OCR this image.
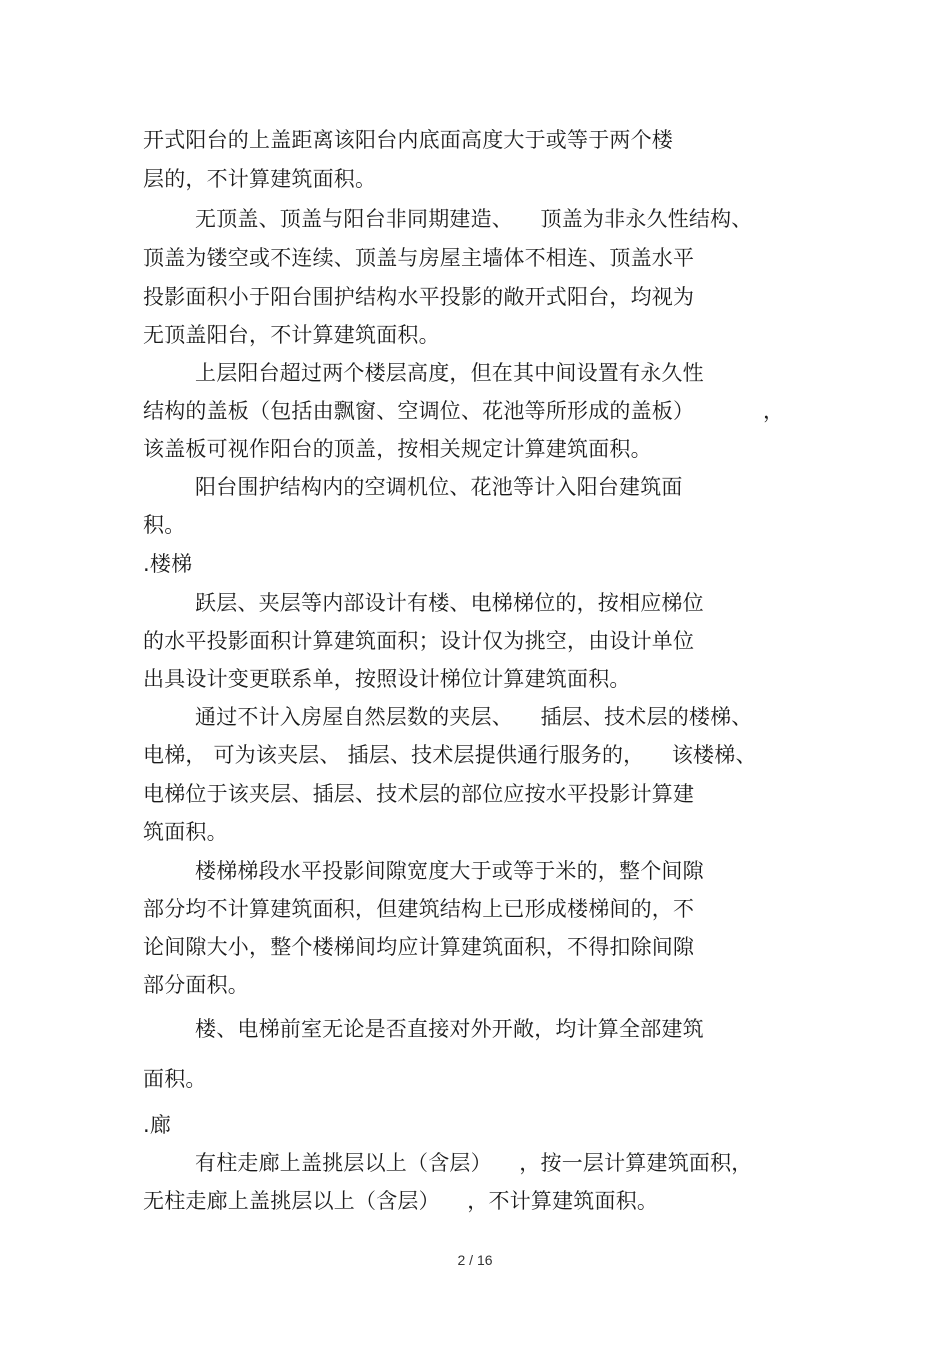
开式阳台的上盖距离该阳台内底面高度大于或等于两个楼
层的，不计算建筑面积。
无顶盖、顶盖与阳台非同期建造、    顶盖为非永久性结构、
顶盖为镂空或不连续、顶盖与房屋主墙体不相连、顶盖水平
投影面积小于阳台围护结构水平投影的敞开式阳台，均视为
无顶盖阳台，不计算建筑面积。
上层阳台超过两个楼层高度，但在其中间设置有永久性
结构的盖板（包括由飘窗、空调位、花池等所形成的盖板）          ，
该盖板可视作阳台的顶盖，按相关规定计算建筑面积。
阳台围护结构内的空调机位、花池等计入阳台建筑面
积。
.楼梯
跃层、夹层等内部设计有楼、电梯梯位的，按相应梯位
的水平投影面积计算建筑面积；设计仅为挑空，由设计单位
出具设计变更联系单，按照设计梯位计算建筑面积。
通过不计入房屋自然层数的夹层、    插层、技术层的楼梯、
电梯， 可为该夹层、 插层、技术层提供通行服务的，    该楼梯、
电梯位于该夹层、插层、技术层的部位应按水平投影计算建
筑面积。
楼梯梯段水平投影间隙宽度大于或等于米的，整个间隙
部分均不计算建筑面积，但建筑结构上已形成楼梯间的，不
论间隙大小，整个楼梯间均应计算建筑面积，不得扣除间隙
部分面积。
楼、电梯前室无论是否直接对外开敞，均计算全部建筑
面积。
.廊
有柱走廊上盖挑层以上（含层）    ，按一层计算建筑面积，
无柱走廊上盖挑层以上（含层）    ，不计算建筑面积。
2 / 16
